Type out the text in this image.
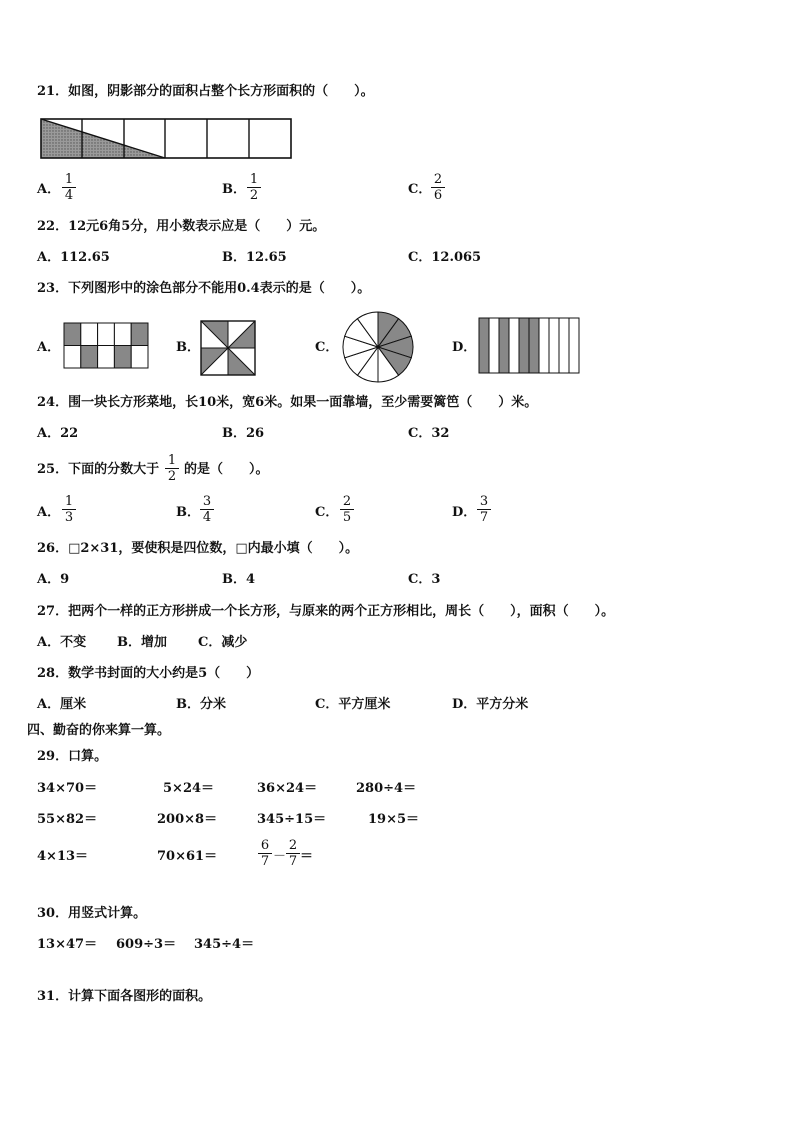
21．如图，阴影部分的面积占整个长方形面积的（　　）。
A． $\frac{1}{4}$	B． $\frac{1}{2}$	C． $\frac{2}{6}$
22．12元6角5分，用小数表示应是（　　）元。
A．112.65	B．12.65	C．12.065
23．下列图形中的涂色部分不能用0.4表示的是（　　）。
A．	B．	C．	D．
24．围一块长方形菜地，长10米，宽6米。如果一面靠墙，至少需要篱笆（　　）米。
A．22	B．26	C．32
25．下面的分数大于 $\frac{1}{2}$ 的是（　　）。
A． $\frac{1}{3}$	B． $\frac{3}{4}$	C． $\frac{2}{5}$	D． $\frac{3}{7}$
26．□2×31，要使积是四位数，□内最小填（　　）。
A．9	B．4	C．3
27．把两个一样的正方形拼成一个长方形，与原来的两个正方形相比，周长（　　），面积（　　）。
A．不变 B．增加 C．减少
28．数学书封面的大小约是5（　　）
A．厘米	B．分米	C．平方厘米	D．平方分米
四、勤奋的你来算一算。
29．口算。
34×70＝	5×24＝	36×24＝	280÷4＝
55×82＝	200×8＝	345÷15＝	19×5＝
4×13＝	70×61＝	$\frac{6}{7} - \frac{2}{7}$ ＝
30．用竖式计算。
13×47＝ 609÷3＝ 345÷4＝
31．计算下面各图形的面积。
